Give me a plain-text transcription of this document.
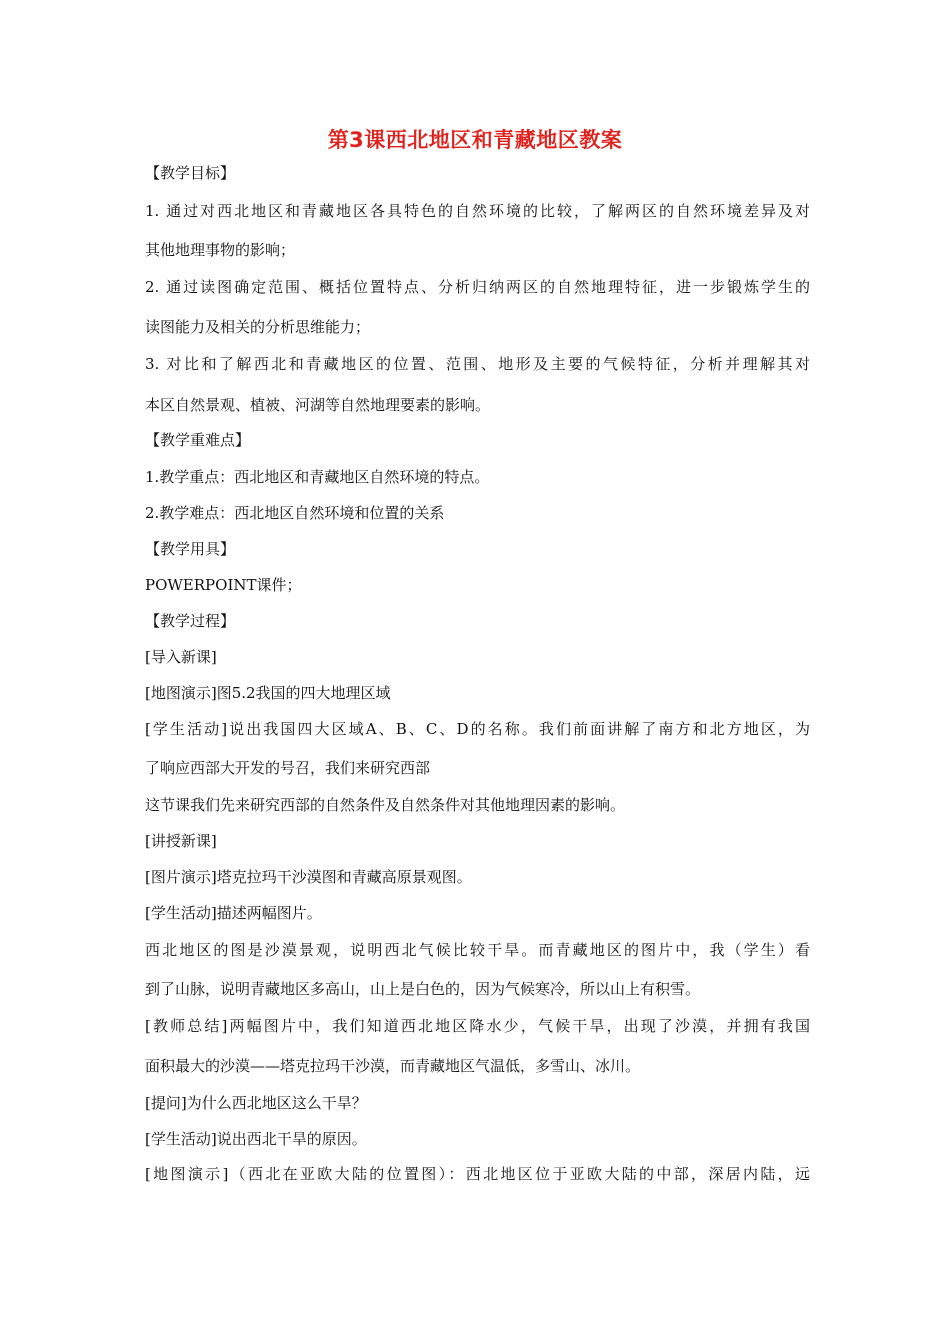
第3课西北地区和青藏地区教案
【教学目标】
1. 通过对西北地区和青藏地区各具特色的自然环境的比较，了解两区的自然环境差异及对
其他地理事物的影响；
2. 通过读图确定范围、概括位置特点、分析归纳两区的自然地理特征，进一步锻炼学生的
读图能力及相关的分析思维能力；
3. 对比和了解西北和青藏地区的位置、范围、地形及主要的气候特征，分析并理解其对
本区自然景观、植被、河湖等自然地理要素的影响。
【教学重难点】
1.教学重点：西北地区和青藏地区自然环境的特点。
2.教学难点：西北地区自然环境和位置的关系
【教学用具】
POWERPOINT课件；
【教学过程】
[导入新课]
[地图演示]图5.2我国的四大地理区域
[学生活动]说出我国四大区域A、B、C、D的名称。我们前面讲解了南方和北方地区，为
了响应西部大开发的号召，我们来研究西部
这节课我们先来研究西部的自然条件及自然条件对其他地理因素的影响。
[讲授新课]
[图片演示]塔克拉玛干沙漠图和青藏高原景观图。
[学生活动]描述两幅图片。
西北地区的图是沙漠景观，说明西北气候比较干旱。而青藏地区的图片中，我（学生）看
到了山脉，说明青藏地区多高山，山上是白色的，因为气候寒冷，所以山上有积雪。
[教师总结]两幅图片中，我们知道西北地区降水少，气候干旱，出现了沙漠，并拥有我国
面积最大的沙漠——塔克拉玛干沙漠，而青藏地区气温低，多雪山、冰川。
[提问]为什么西北地区这么干旱？
[学生活动]说出西北干旱的原因。
[地图演示]（西北在亚欧大陆的位置图）：西北地区位于亚欧大陆的中部，深居内陆，远
